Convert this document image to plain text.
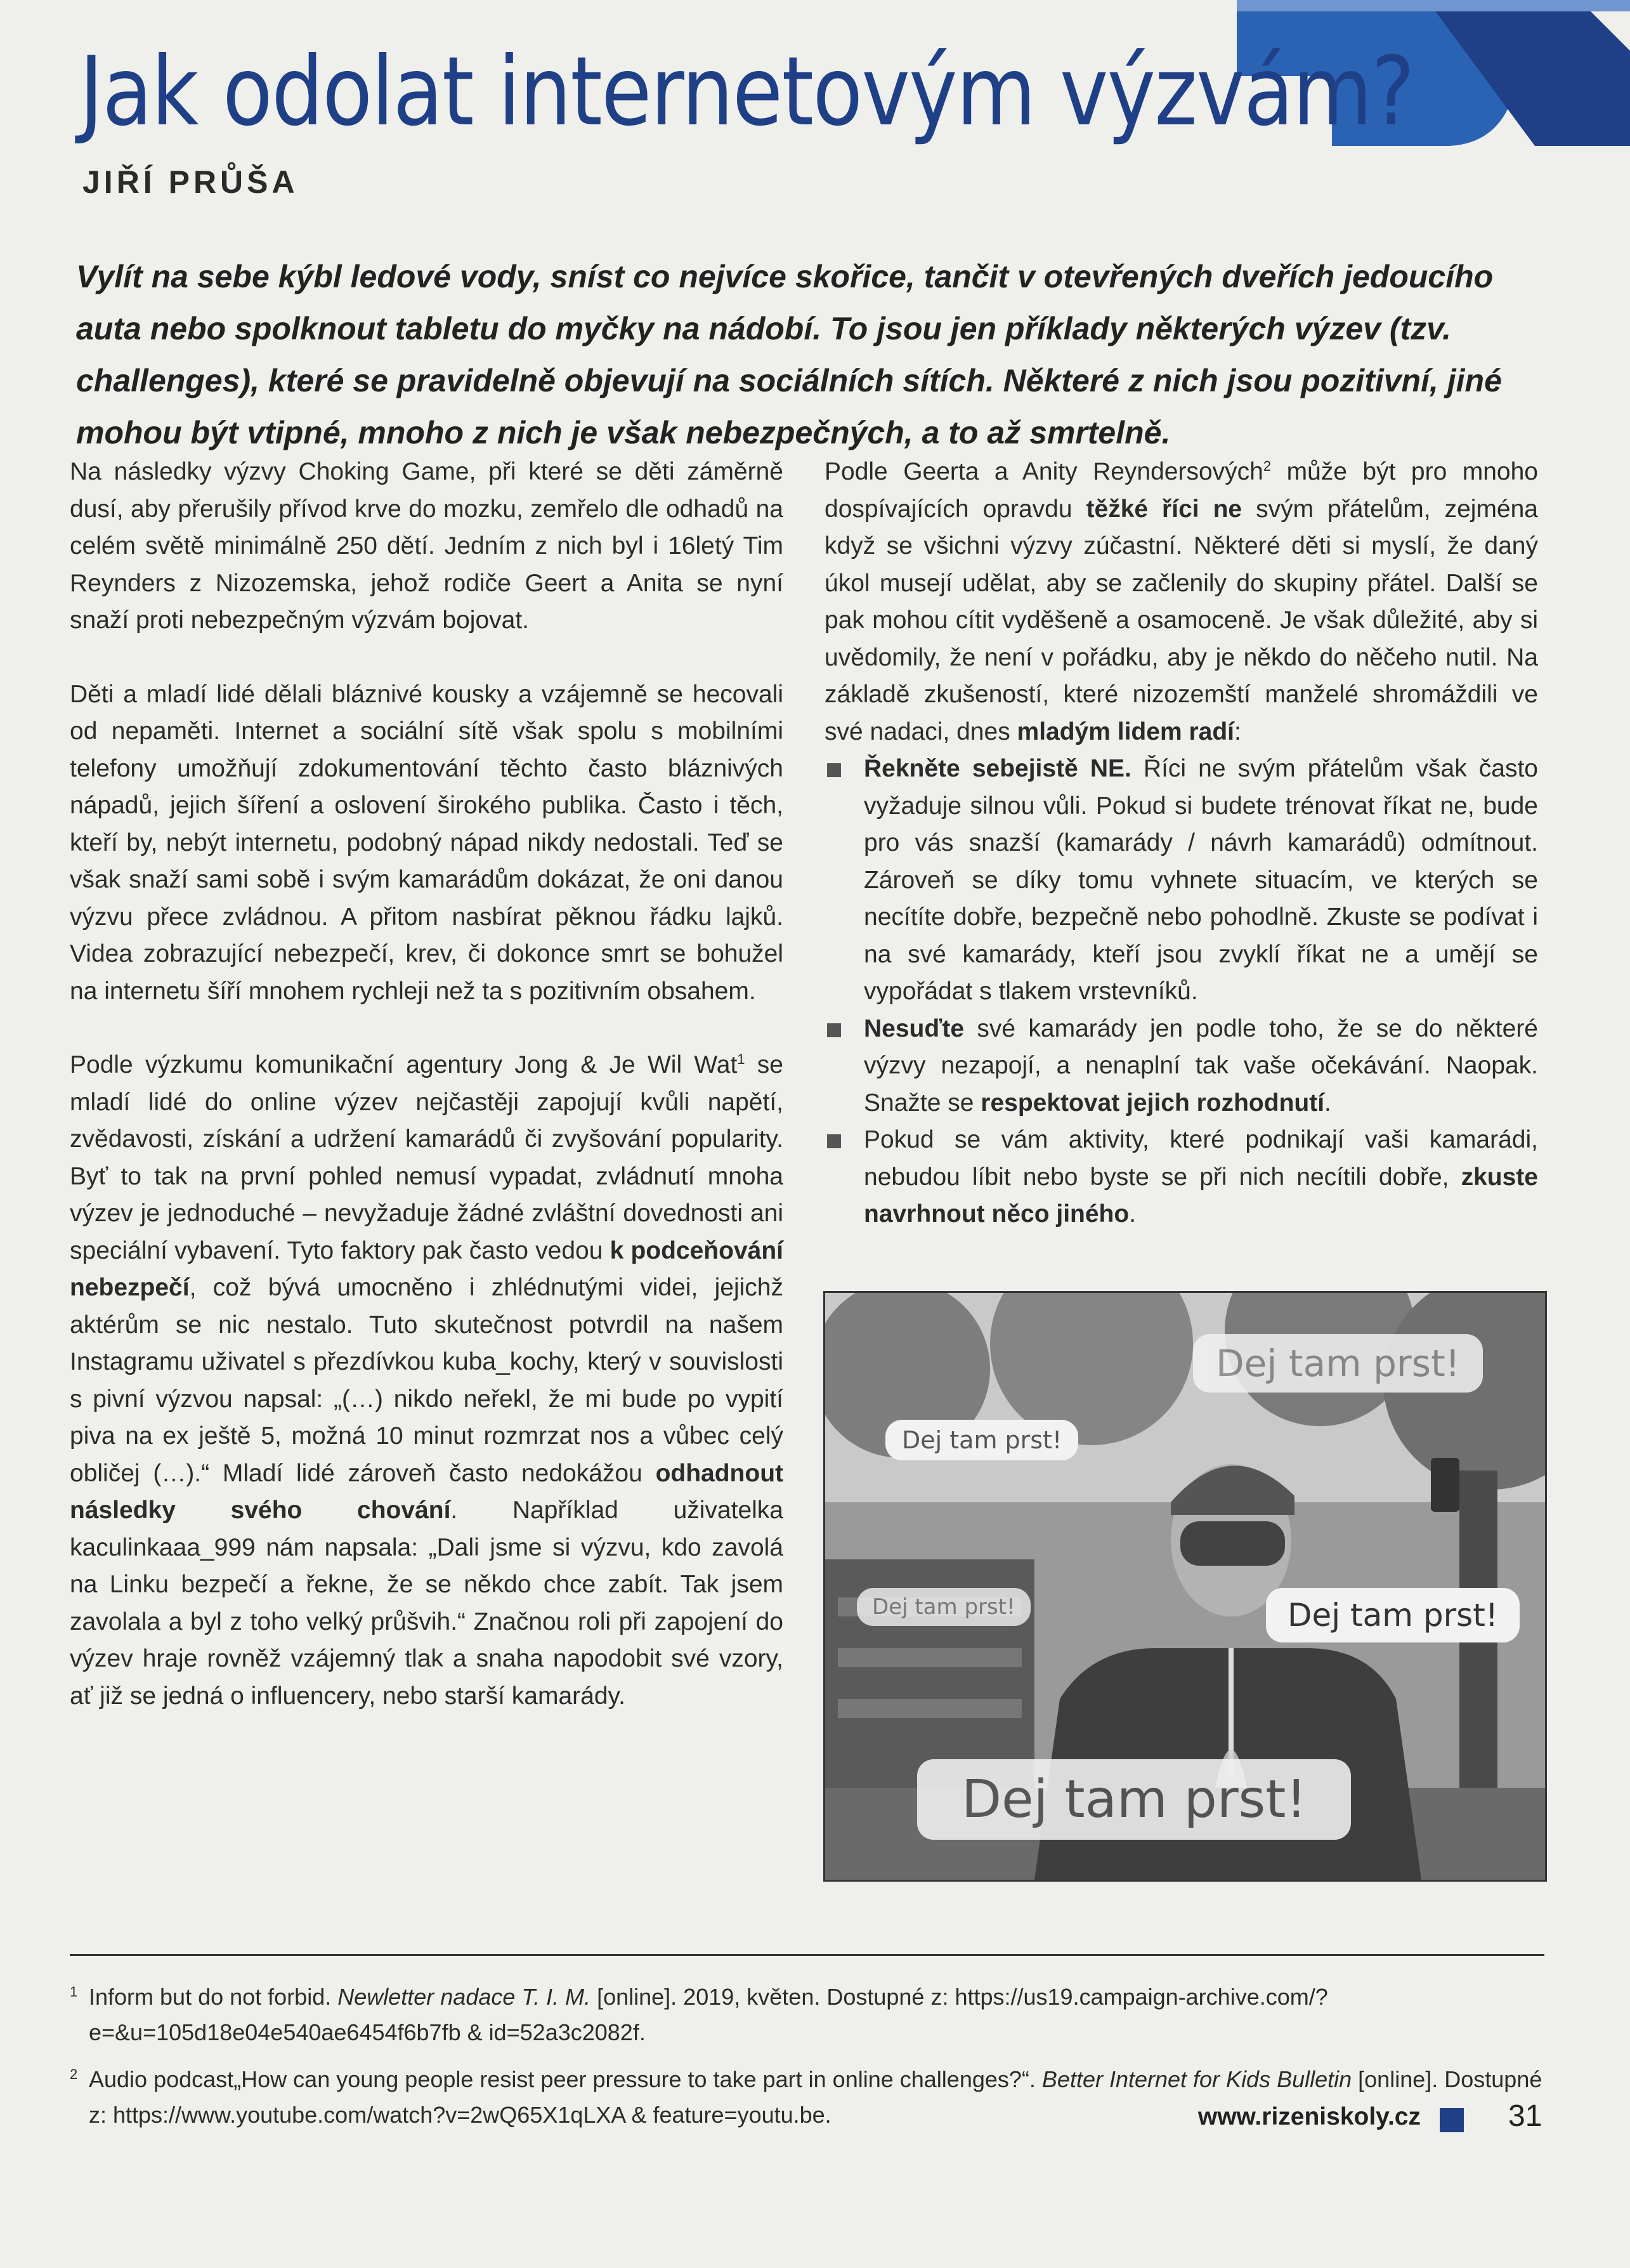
Jak odolat internetovým výzvám?
JIŘÍ PRŮŠA

Vylít na sebe kýbl ledové vody, sníst co nejvíce skořice, tančit v otevřených dveřích jedoucího auta nebo spolknout tabletu do myčky na nádobí. To jsou jen příklady některých výzev (tzv. challenges), které se pravidelně objevují na sociálních sítích. Některé z nich jsou pozitivní, jiné mohou být vtipné, mnoho z nich je však nebezpečných, a to až smrtelně.

Na následky výzvy Choking Game, při které se děti záměrně dusí, aby přerušily přívod krve do mozku, zemřelo dle odhadů na celém světě minimálně 250 dětí. Jedním z nich byl i 16letý Tim Reynders z Nizozemska, jehož rodiče Geert a Anita se nyní snaží proti nebezpečným výzvám bojovat.

Děti a mladí lidé dělali bláznivé kousky a vzájemně se hecovali od nepaměti. Internet a sociální sítě však spolu s mobilními telefony umožňují zdokumentování těchto často bláznivých nápadů, jejich šíření a oslovení širokého publika. Často i těch, kteří by, nebýt internetu, podobný nápad nikdy nedostali. Teď se však snaží sami sobě i svým kamarádům dokázat, že oni danou výzvu přece zvládnou. A přitom nasbírat pěknou řádku lajků. Videa zobrazující nebezpečí, krev, či dokonce smrt se bohužel na internetu šíří mnohem rychleji než ta s pozitivním obsahem.

Podle výzkumu komunikační agentury Jong & Je Wil Wat$^1$ se mladí lidé do online výzev nejčastěji zapojují kvůli napětí, zvědavosti, získání a udržení kamarádů či zvyšování popularity. Byť to tak na první pohled nemusí vypadat, zvládnutí mnoha výzev je jednoduché – nevyžaduje žádné zvláštní dovednosti ani speciální vybavení. Tyto faktory pak často vedou k podceňování nebezpečí, což bývá umocněno i zhlédnutými videi, jejichž aktérům se nic nestalo. Tuto skutečnost potvrdil na našem Instagramu uživatel s přezdívkou kuba_kochy, který v souvislosti s pivní výzvou napsal: „(…) nikdo neřekl, že mi bude po vypití piva na ex ještě 5, možná 10 minut rozmrzat nos a vůbec celý obličej (…).“ Mladí lidé zároveň často nedokážou odhadnout následky svého chování. Například uživatelka kaculinkaaa_999 nám napsala: „Dali jsme si výzvu, kdo zavolá na Linku bezpečí a řekne, že se někdo chce zabít. Tak jsem zavolala a byl z toho velký průšvih.“ Značnou roli při zapojení do výzev hraje rovněž vzájemný tlak a snaha napodobit své vzory, ať již se jedná o influencery, nebo starší kamarády.

Podle Geerta a Anity Reyndersových$^2$ může být pro mnoho dospívajících opravdu těžké říci ne svým přátelům, zejména když se všichni výzvy zúčastní. Některé děti si myslí, že daný úkol musejí udělat, aby se začlenily do skupiny přátel. Další se pak mohou cítit vyděšeně a osamoceně. Je však důležité, aby si uvědomily, že není v pořádku, aby je někdo do něčeho nutil. Na základě zkušeností, které nizozemští manželé shromáždili ve své nadaci, dnes mladým lidem radí:

Řekněte sebejistě NE. Říci ne svým přátelům však často vyžaduje silnou vůli. Pokud si budete trénovat říkat ne, bude pro vás snazší (kamarády / návrh kamarádů) odmítnout. Zároveň se díky tomu vyhnete situacím, ve kterých se necítíte dobře, bezpečně nebo pohodlně. Zkuste se podívat i na své kamarády, kteří jsou zvyklí říkat ne a umějí se vypořádat s tlakem vrstevníků.
Nesuďte své kamarády jen podle toho, že se do některé výzvy nezapojí, a nenaplní tak vaše očekávání. Naopak. Snažte se respektovat jejich rozhodnutí.
Pokud se vám aktivity, které podnikají vaši kamarádi, nebudou líbit nebo byste se při nich necítili dobře, zkuste navrhnout něco jiného.
Dej tam prst!
Dej tam prst!
Dej tam prst!	Dej tam prst!
Dej tam prst!
1 Inform but do not forbid. Newletter nadace T. I. M. [online]. 2019, květen. Dostupné z: https://us19.campaign-archive.com/?e=&u=105d18e04e540ae6454f6b7fb & id=52a3c2082f.
2 Audio podcast„How can young people resist peer pressure to take part in online challenges?“. Better Internet for Kids Bulletin [online]. Dostupné z: https://www.youtube.com/watch?v=2wQ65X1qLXA & feature=youtu.be.	www.rizeniskoly.cz	31
